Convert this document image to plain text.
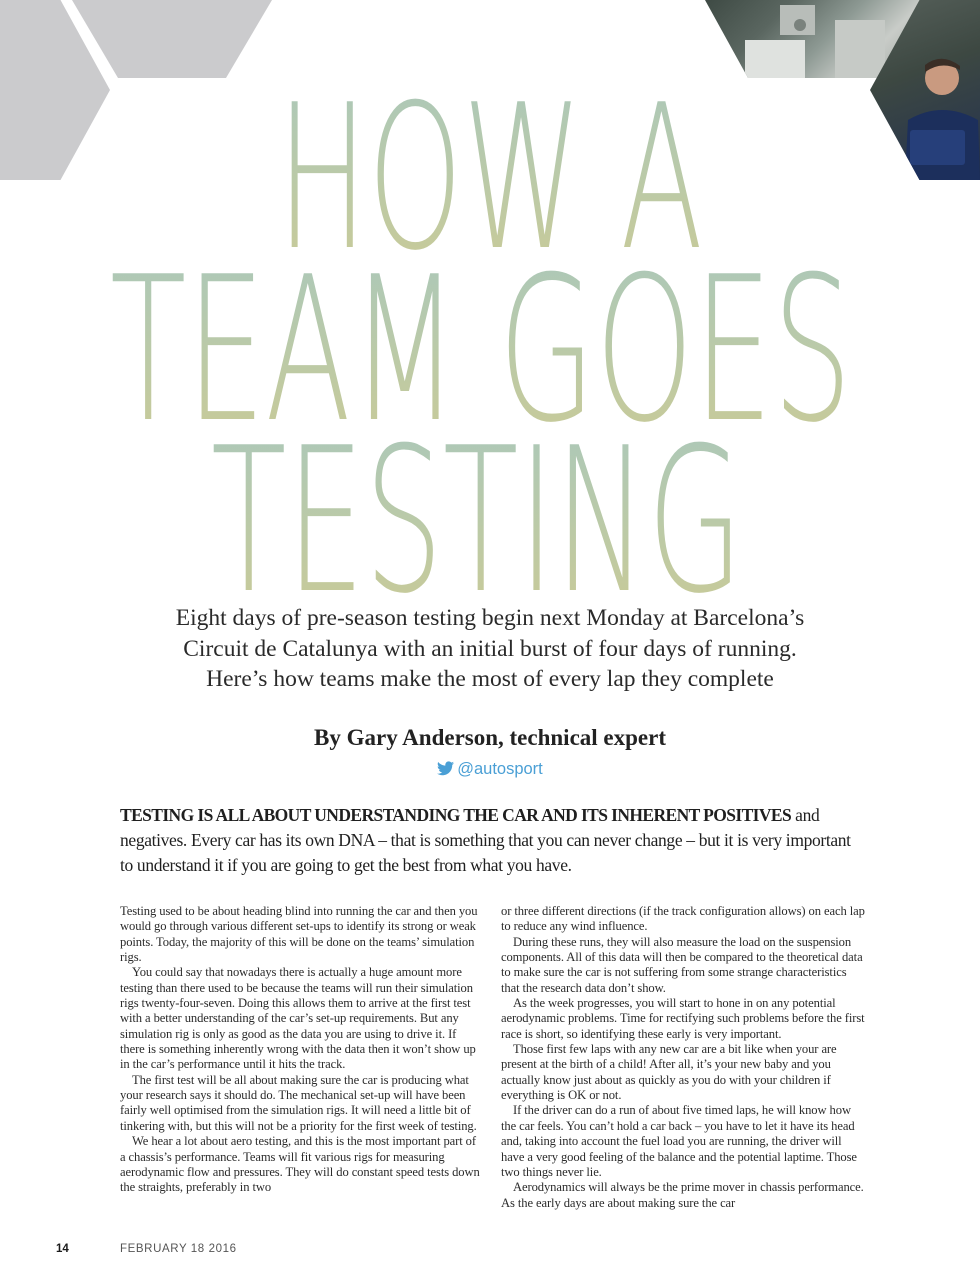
HOW A
TEAM GOES
TESTING

Eight days of pre-season testing begin next Monday at Barcelona’s
Circuit de Catalunya with an initial burst of four days of running.
Here’s how teams make the most of every lap they complete

By Gary Anderson, technical expert

@autosport

TESTING IS ALL ABOUT UNDERSTANDING THE CAR AND ITS INHERENT POSITIVES and negatives. Every car has its own DNA – that is something that you can never change – but it is very important to understand it if you are going to get the best from what you have.

Testing used to be about heading blind into running the car and then you would go through various different set-ups to identify its strong or weak points. Today, the majority of this will be done on the teams’ simulation rigs.

You could say that nowadays there is actually a huge amount more testing than there used to be because the teams will run their simulation rigs twenty-four-seven. Doing this allows them to arrive at the first test with a better understanding of the car’s set-up requirements. But any simulation rig is only as good as the data you are using to drive it. If there is something inherently wrong with the data then it won’t show up in the car’s performance until it hits the track.

The first test will be all about making sure the car is producing what your research says it should do. The mechanical set-up will have been fairly well optimised from the simulation rigs. It will need a little bit of tinkering with, but this will not be a priority for the first week of testing.

We hear a lot about aero testing, and this is the most important part of a chassis’s performance. Teams will fit various rigs for measuring aerodynamic flow and pressures. They will do constant speed tests down the straights, preferably in two

or three different directions (if the track configuration allows) on each lap to reduce any wind influence.

During these runs, they will also measure the load on the suspension components. All of this data will then be compared to the theoretical data to make sure the car is not suffering from some strange characteristics that the research data don’t show.

As the week progresses, you will start to hone in on any potential aerodynamic problems. Time for rectifying such problems before the first race is short, so identifying these early is very important.

Those first few laps with any new car are a bit like when your are present at the birth of a child! After all, it’s your new baby and you actually know just about as quickly as you do with your children if everything is OK or not.

If the driver can do a run of about five timed laps, he will know how the car feels. You can’t hold a car back – you have to let it have its head and, taking into account the fuel load you are running, the driver will have a very good feeling of the balance and the potential laptime. Those two things never lie.

Aerodynamics will always be the prime mover in chassis performance. As the early days are about making sure the car

14	FEBRUARY 18 2016
